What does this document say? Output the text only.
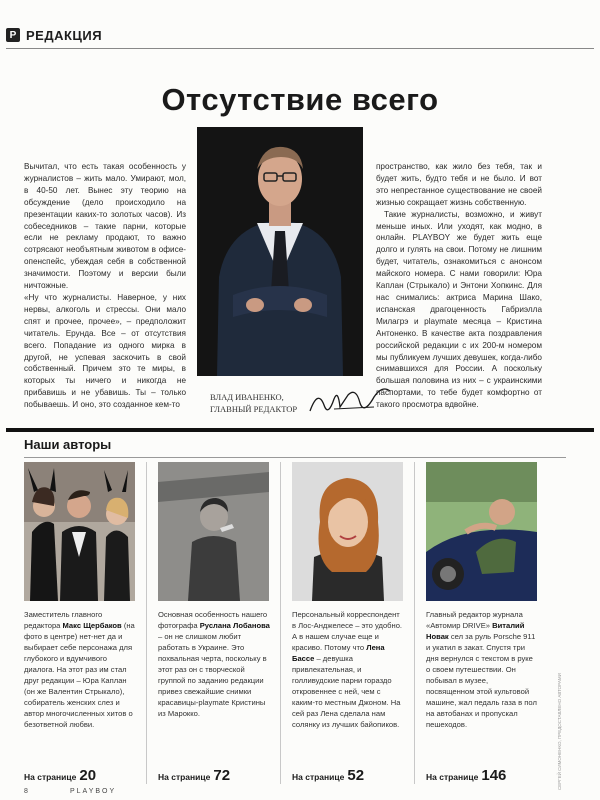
P РЕДАКЦИЯ
Отсутствие всего

Вычитал, что есть такая особенность у журналистов – жить мало. Умирают, мол, в 40-50 лет. Вынес эту теорию на обсуждение (дело происходило на презентации каких-то золотых часов). Из собеседников – такие парни, которые если не рекламу продают, то важно сотрясают необъятным животом в офисе-опенспейс, убеждая себя в собственной значимости. Поэтому и версии были ничтожные.

«Ну что журналисты. Наверное, у них нервы, алкоголь и стрессы. Они мало спят и прочее, прочее», – предположит читатель. Ерунда. Все – от отсутствия всего. Попадание из одного мирка в другой, не успевая заскочить в свой собственный. Причем это те миры, в которых ты ничего и никогда не прибавишь и не убавишь. Ты – только побываешь. И оно, это созданное кем-то

пространство, как жило без тебя, так и будет жить, будто тебя и не было. И вот это непрестанное существование не своей жизнью сокращает жизнь собственную.

Такие журналисты, возможно, и живут меньше иных. Или уходят, как модно, в онлайн. PLAYBOY же будет жить еще долго и гулять на свои. Потому не лишним будет, читатель, ознакомиться с анонсом майского номера. С нами говорили: Юра Каплан (Стрыкало) и Энтони Хопкинс. Для нас снимались: актриса Марина Шако, испанская драгоценность Габриэлла Милагрэ и playmate месяца – Кристина Антоненко. В качестве акта поздравления российской редакции с их 200-м номером мы публикуем лучших девушек, когда-либо снимавшихся для России. А поскольку большая половина из них – с украинскими паспортами, то тебе будет комфортно от такого просмотра вдвойне.

ВЛАД ИВАНЕНКО,
ГЛАВНЫЙ РЕДАКТОР
Наши авторы
Заместитель главного редактора Макс Щербаков (на фото в центре) нет-нет да и выбирает себе персонажа для глубокого и вдумчивого диалога. На этот раз им стал друг редакции – Юра Каплан (он же Валентин Стрыкало), собиратель женских слез и автор многочисленных хитов о безответной любви.
Основная особенность нашего фотографа Руслана Лобанова – он не слишком любит работать в Украине. Это похвальная черта, поскольку в этот раз он с творческой группой по заданию редакции привез свежайшие снимки красавицы-playmate Кристины из Марокко.
Персональный корреспондент в Лос-Анджелесе – это удобно. А в нашем случае еще и красиво. Потому что Лена Бассе – девушка привлекательная, и голливудские парни гораздо откровеннее с ней, чем с каким-то местным Джоном. На сей раз Лена сделала нам солянку из лучших байопиков.
Главный редактор журнала «Автомир DRIVE» Виталий Новак сел за руль Porsche 911 и укатил в закат. Спустя три дня вернулся с текстом в руке о своем путешествии. Он побывал в музее, посвященном этой культовой машине, жал педаль газа в пол на автобанах и пропускал пешеходов.
На странице 20	На странице 72	На странице 52	На странице 146	СЕРГЕЙ СИМОНЕНКО, ПРЕДОСТАВЛЕНО АВТОРАМИ
8	PLAYBOY
